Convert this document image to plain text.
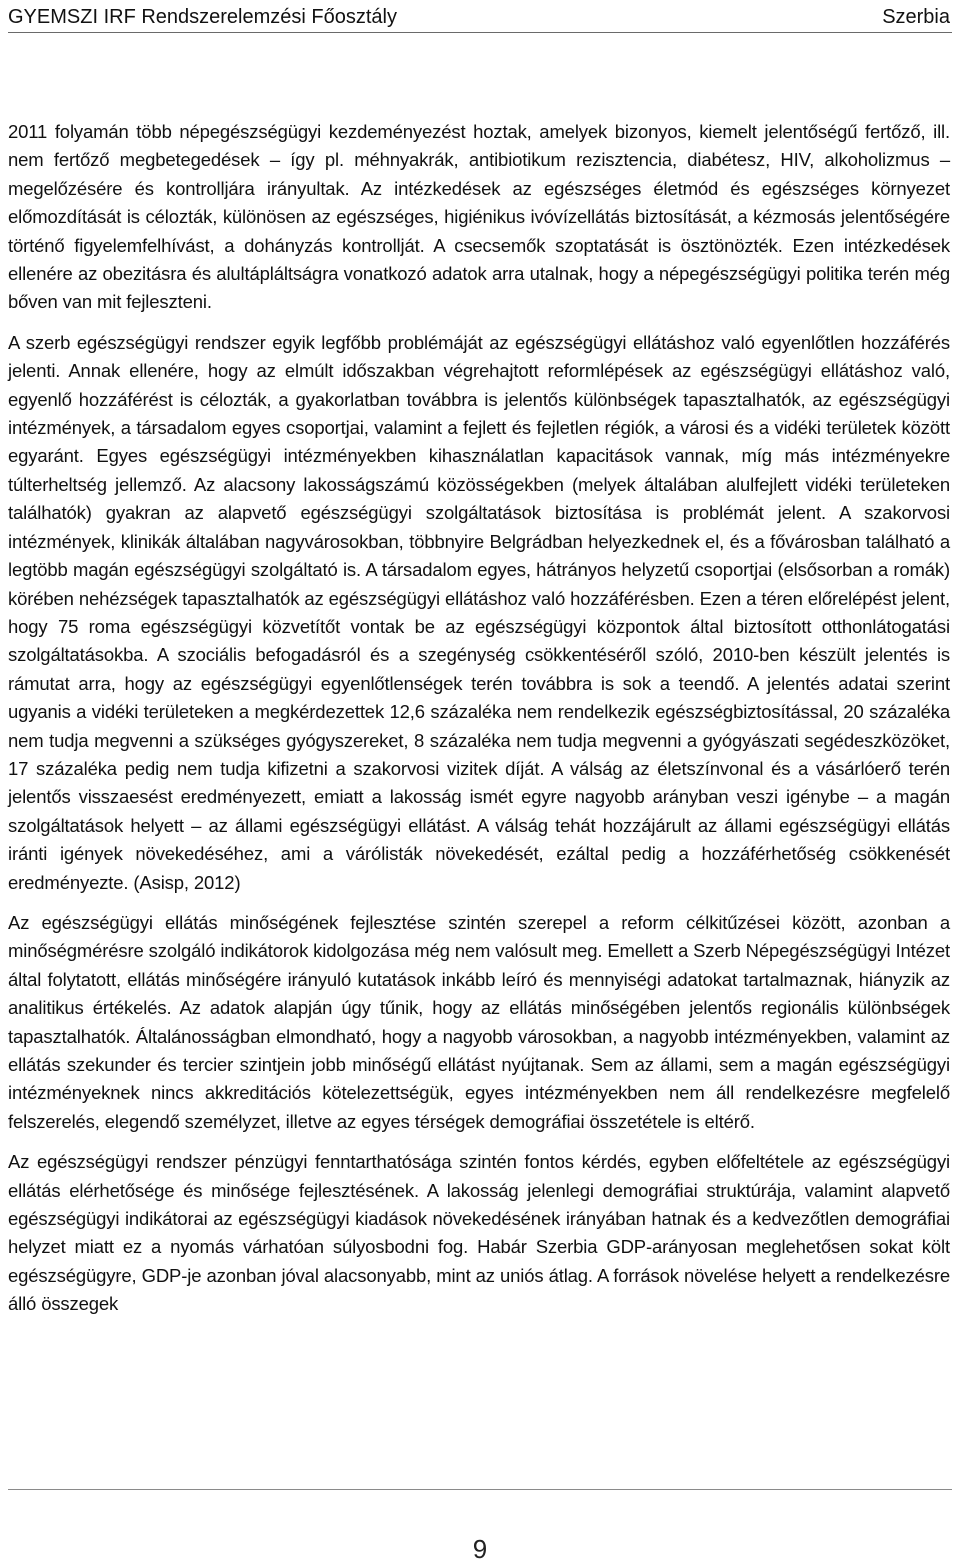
GYEMSZI IRF Rendszerelemzési Főosztály	Szerbia

2011 folyamán több népegészségügyi kezdeményezést hoztak, amelyek bizonyos, kiemelt jelentőségű fertőző, ill. nem fertőző megbetegedések – így pl. méhnyakrák, antibiotikum rezisztencia, diabétesz, HIV, alkoholizmus – megelőzésére és kontrolljára irányultak. Az intézkedések az egészséges életmód és egészséges környezet előmozdítását is célozták, különösen az egészséges, higiénikus ivóvízellátás biztosítását, a kézmosás jelentőségére történő figyelemfelhívást, a dohányzás kontrollját. A csecsemők szoptatását is ösztönözték. Ezen intézkedések ellenére az obezitásra és alultápláltságra vonatkozó adatok arra utalnak, hogy a népegészségügyi politika terén még bőven van mit fejleszteni.

A szerb egészségügyi rendszer egyik legfőbb problémáját az egészségügyi ellátáshoz való egyenlőtlen hozzáférés jelenti. Annak ellenére, hogy az elmúlt időszakban végrehajtott reformlépések az egészségügyi ellátáshoz való, egyenlő hozzáférést is célozták, a gyakorlatban továbbra is jelentős különbségek tapasztalhatók, az egészségügyi intézmények, a társadalom egyes csoportjai, valamint a fejlett és fejletlen régiók, a városi és a vidéki területek között egyaránt. Egyes egészségügyi intézményekben kihasználatlan kapacitások vannak, míg más intézményekre túlterheltség jellemző. Az alacsony lakosságszámú közösségekben (melyek általában alulfejlett vidéki területeken találhatók) gyakran az alapvető egészségügyi szolgáltatások biztosítása is problémát jelent. A szakorvosi intézmények, klinikák általában nagyvárosokban, többnyire Belgrádban helyezkednek el, és a fővárosban található a legtöbb magán egészségügyi szolgáltató is. A társadalom egyes, hátrányos helyzetű csoportjai (elsősorban a romák) körében nehézségek tapasztalhatók az egészségügyi ellátáshoz való hozzáférésben. Ezen a téren előrelépést jelent, hogy 75 roma egészségügyi közvetítőt vontak be az egészségügyi központok által biztosított otthonlátogatási szolgáltatásokba. A szociális befogadásról és a szegénység csökkentéséről szóló, 2010-ben készült jelentés is rámutat arra, hogy az egészségügyi egyenlőtlenségek terén továbbra is sok a teendő. A jelentés adatai szerint ugyanis a vidéki területeken a megkérdezettek 12,6 százaléka nem rendelkezik egészségbiztosítással, 20 százaléka nem tudja megvenni a szükséges gyógyszereket, 8 százaléka nem tudja megvenni a gyógyászati segédeszközöket, 17 százaléka pedig nem tudja kifizetni a szakorvosi vizitek díját. A válság az életszínvonal és a vásárlóerő terén jelentős visszaesést eredményezett, emiatt a lakosság ismét egyre nagyobb arányban veszi igénybe – a magán szolgáltatások helyett – az állami egészségügyi ellátást. A válság tehát hozzájárult az állami egészségügyi ellátás iránti igények növekedéséhez, ami a várólisták növekedését, ezáltal pedig a hozzáférhetőség csökkenését eredményezte. (Asisp, 2012)

Az egészségügyi ellátás minőségének fejlesztése szintén szerepel a reform célkitűzései között, azonban a minőségmérésre szolgáló indikátorok kidolgozása még nem valósult meg. Emellett a Szerb Népegészségügyi Intézet által folytatott, ellátás minőségére irányuló kutatások inkább leíró és mennyiségi adatokat tartalmaznak, hiányzik az analitikus értékelés. Az adatok alapján úgy tűnik, hogy az ellátás minőségében jelentős regionális különbségek tapasztalhatók. Általánosságban elmondható, hogy a nagyobb városokban, a nagyobb intézményekben, valamint az ellátás szekunder és tercier szintjein jobb minőségű ellátást nyújtanak. Sem az állami, sem a magán egészségügyi intézményeknek nincs akkreditációs kötelezettségük, egyes intézményekben nem áll rendelkezésre megfelelő felszerelés, elegendő személyzet, illetve az egyes térségek demográfiai összetétele is eltérő.

Az egészségügyi rendszer pénzügyi fenntarthatósága szintén fontos kérdés, egyben előfeltétele az egészségügyi ellátás elérhetősége és minősége fejlesztésének. A lakosság jelenlegi demográfiai struktúrája, valamint alapvető egészségügyi indikátorai az egészségügyi kiadások növekedésének irányában hatnak és a kedvezőtlen demográfiai helyzet miatt ez a nyomás várhatóan súlyosbodni fog. Habár Szerbia GDP-arányosan meglehetősen sokat költ egészségügyre, GDP-je azonban jóval alacsonyabb, mint az uniós átlag. A források növelése helyett a rendelkezésre álló összegek

9
